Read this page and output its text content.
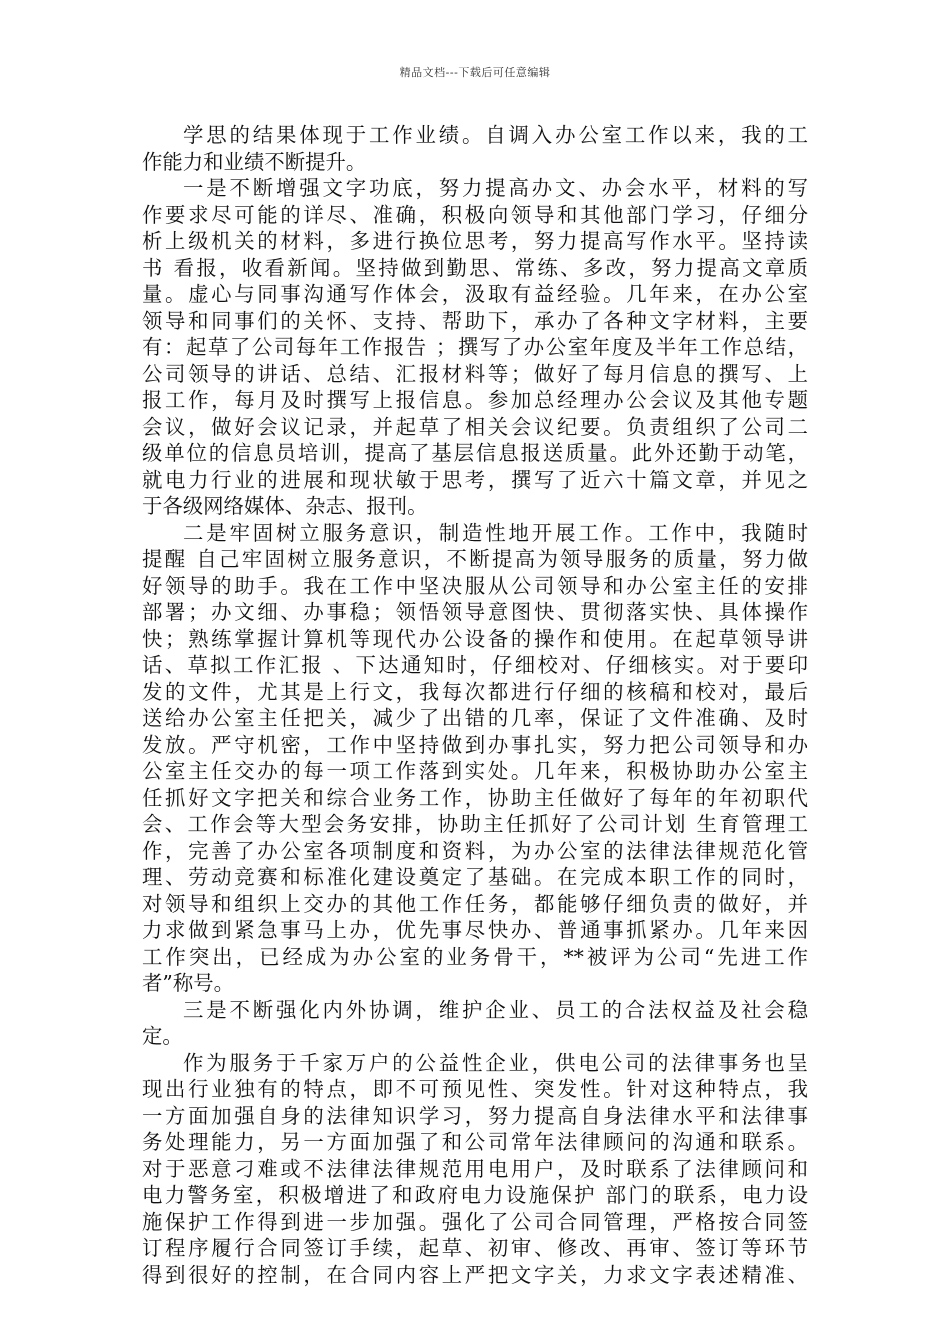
精品文档---下载后可任意编辑
学思的结果体现于工作业绩。自调入办公室工作以来，我的工
作能力和业绩不断提升。
一是不断增强文字功底，努力提高办文、办会水平，材料的写
作要求尽可能的详尽、准确，积极向领导和其他部门学习，仔细分
析上级机关的材料，多进行换位思考，努力提高写作水平。坚持读
书 看报，收看新闻。坚持做到勤思、常练、多改，努力提高文章质
量。虚心与同事沟通写作体会，汲取有益经验。几年来，在办公室
领导和同事们的关怀、支持、帮助下，承办了各种文字材料，主要
有：起草了公司每年工作报告 ；撰写了办公室年度及半年工作总结，
公司领导的讲话、总结、汇报材料等；做好了每月信息的撰写、上
报工作，每月及时撰写上报信息。参加总经理办公会议及其他专题
会议，做好会议记录，并起草了相关会议纪要。负责组织了公司二
级单位的信息员培训，提高了基层信息报送质量。此外还勤于动笔，
就电力行业的进展和现状敏于思考，撰写了近六十篇文章，并见之
于各级网络媒体、杂志、报刊。
二是牢固树立服务意识，制造性地开展工作。工作中，我随时
提醒 自己牢固树立服务意识，不断提高为领导服务的质量，努力做
好领导的助手。我在工作中坚决服从公司领导和办公室主任的安排
部署；办文细、办事稳；领悟领导意图快、贯彻落实快、具体操作
快；熟练掌握计算机等现代办公设备的操作和使用。在起草领导讲
话、草拟工作汇报 、下达通知时，仔细校对、仔细核实。对于要印
发的文件，尤其是上行文，我每次都进行仔细的核稿和校对，最后
送给办公室主任把关，减少了出错的几率，保证了文件准确、及时
发放。严守机密，工作中坚持做到办事扎实，努力把公司领导和办
公室主任交办的每一项工作落到实处。几年来，积极协助办公室主
任抓好文字把关和综合业务工作，协助主任做好了每年的年初职代
会、工作会等大型会务安排，协助主任抓好了公司计划 生育管理工
作，完善了办公室各项制度和资料，为办公室的法律法律规范化管
理、劳动竞赛和标准化建设奠定了基础。在完成本职工作的同时，
对领导和组织上交办的其他工作任务，都能够仔细负责的做好，并
力求做到紧急事马上办，优先事尽快办、普通事抓紧办。几年来因
工作突出，已经成为办公室的业务骨干，**被评为公司“先进工作
者”称号。
三是不断强化内外协调，维护企业、员工的合法权益及社会稳
定。
作为服务于千家万户的公益性企业，供电公司的法律事务也呈
现出行业独有的特点，即不可预见性、突发性。针对这种特点，我
一方面加强自身的法律知识学习，努力提高自身法律水平和法律事
务处理能力，另一方面加强了和公司常年法律顾问的沟通和联系。
对于恶意刁难或不法律法律规范用电用户，及时联系了法律顾问和
电力警务室，积极增进了和政府电力设施保护 部门的联系，电力设
施保护工作得到进一步加强。强化了公司合同管理，严格按合同签
订程序履行合同签订手续，起草、初审、修改、再审、签订等环节
得到很好的控制，在合同内容上严把文字关，力求文字表述精准、
